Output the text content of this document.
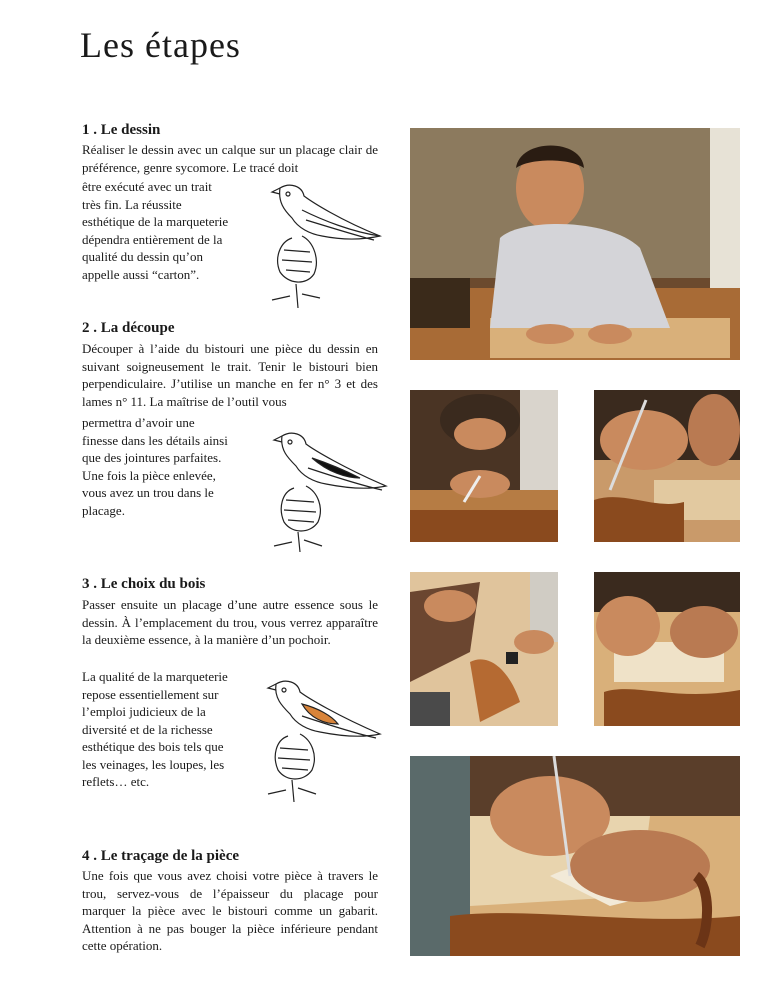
Les étapes
1 . Le dessin

Réaliser le dessin avec un calque sur un placage clair de préférence, genre sycomore. Le tracé doit

être exécuté avec un trait très fin. La réussite esthétique de la marqueterie dépendra entièrement de la qualité du dessin qu’on appelle aussi “carton”.

2 . La découpe

Découper à l’aide du bistouri une pièce du dessin en suivant soigneusement le trait. Tenir le bistouri bien perpendiculaire. J’utilise un manche en fer n° 3 et des lames n° 11. La maîtrise de l’outil vous

permettra d’avoir une finesse dans les détails ainsi que des jointures parfaites.

Une fois la pièce enlevée, vous avez un trou dans le placage.

3 . Le choix du bois

Passer ensuite un placage d’une autre essence sous le dessin. À l’emplacement du trou, vous verrez apparaître la deuxième essence, à la manière d’un pochoir.

La qualité de la marqueterie repose essentiellement sur l’emploi judicieux de la diversité et de la richesse esthétique des bois tels que les veinages, les loupes, les reflets… etc.

4 . Le traçage de la pièce

Une fois que vous avez choisi votre pièce à travers le trou, servez-vous de l’épaisseur du placage pour marquer la pièce avec le bistouri comme un gabarit. Attention à ne pas bouger la pièce inférieure pendant cette opération.
